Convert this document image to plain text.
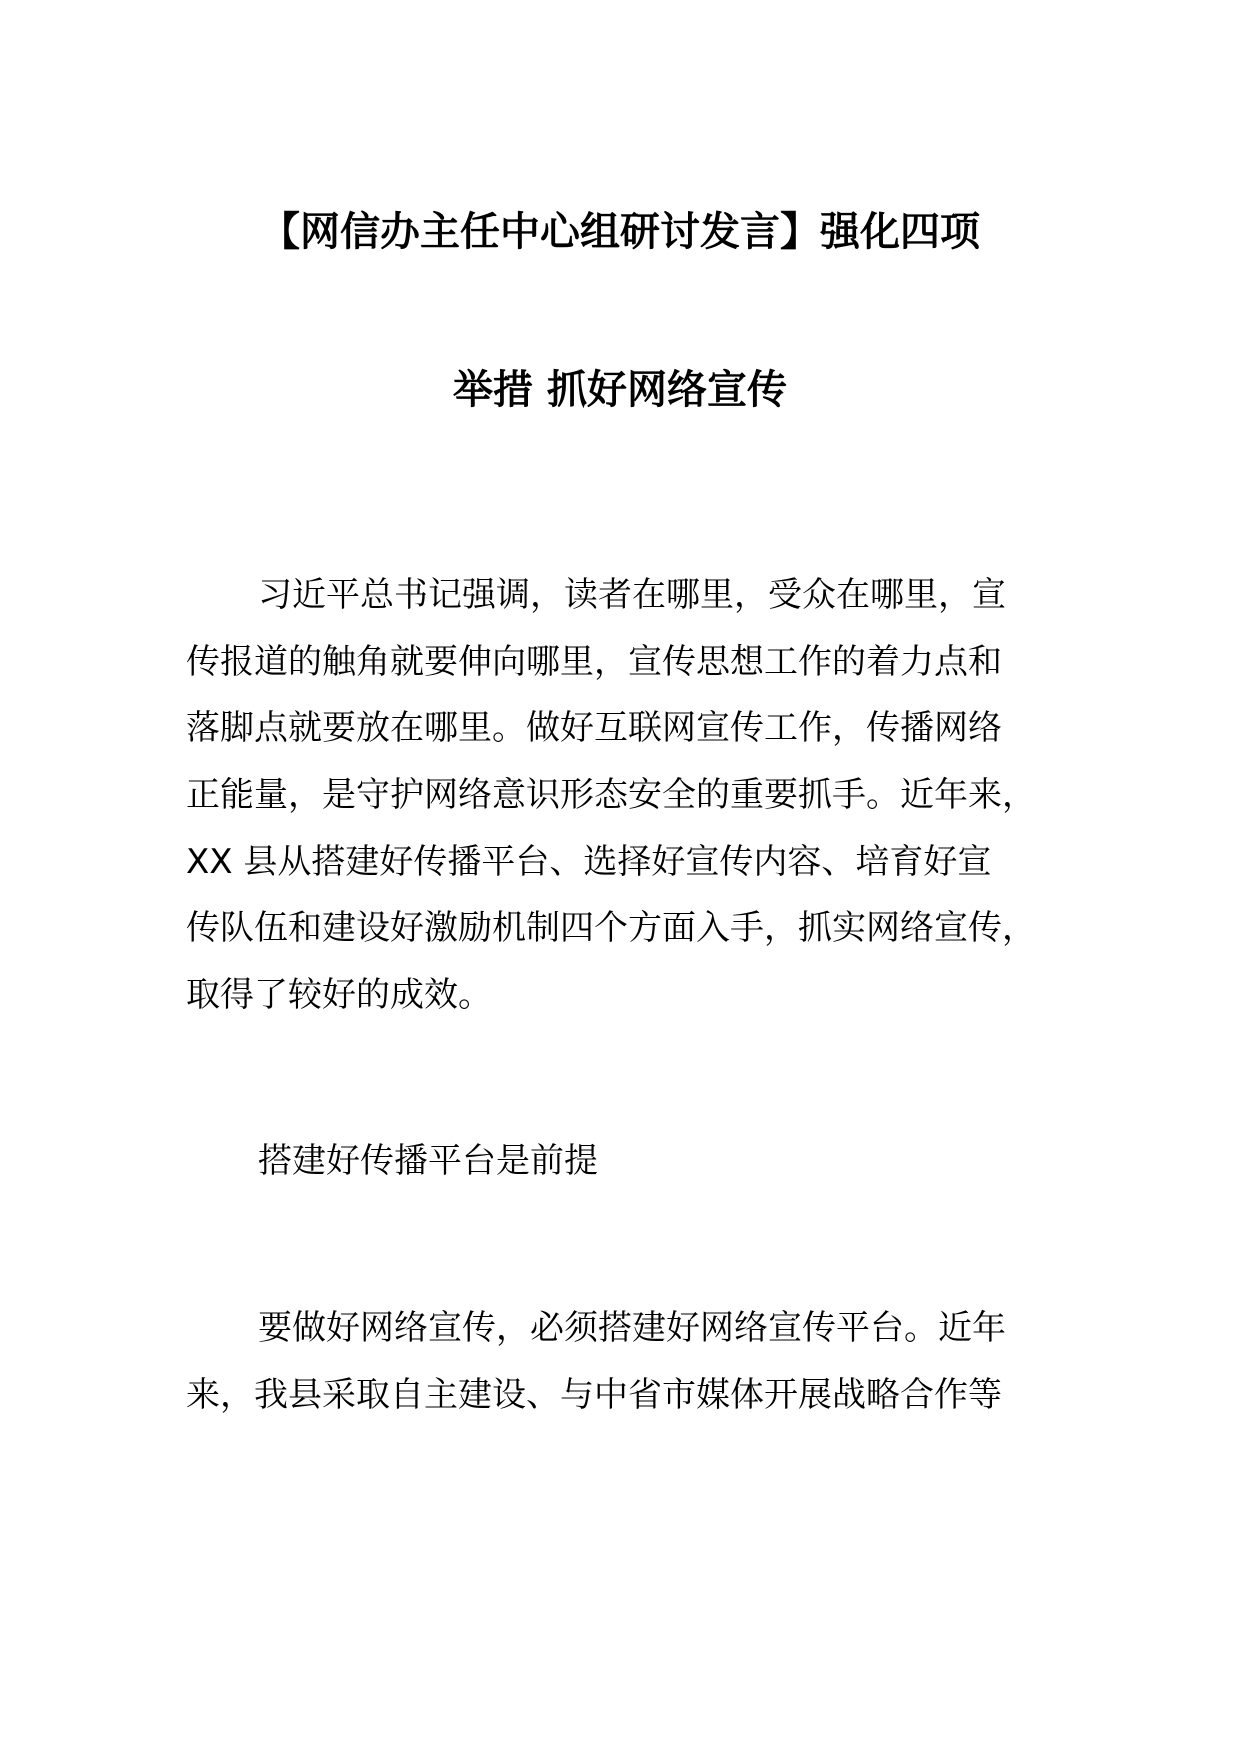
【网信办主任中心组研讨发言】强化四项
举措 抓好网络宣传

习近平总书记强调，读者在哪里，受众在哪里，宣

传报道的触角就要伸向哪里，宣传思想工作的着力点和

落脚点就要放在哪里。做好互联网宣传工作，传播网络

正能量，是守护网络意识形态安全的重要抓手。近年来，

XX 县从搭建好传播平台、选择好宣传内容、培育好宣

传队伍和建设好激励机制四个方面入手，抓实网络宣传，

取得了较好的成效。

搭建好传播平台是前提

要做好网络宣传，必须搭建好网络宣传平台。近年

来，我县采取自主建设、与中省市媒体开展战略合作等
